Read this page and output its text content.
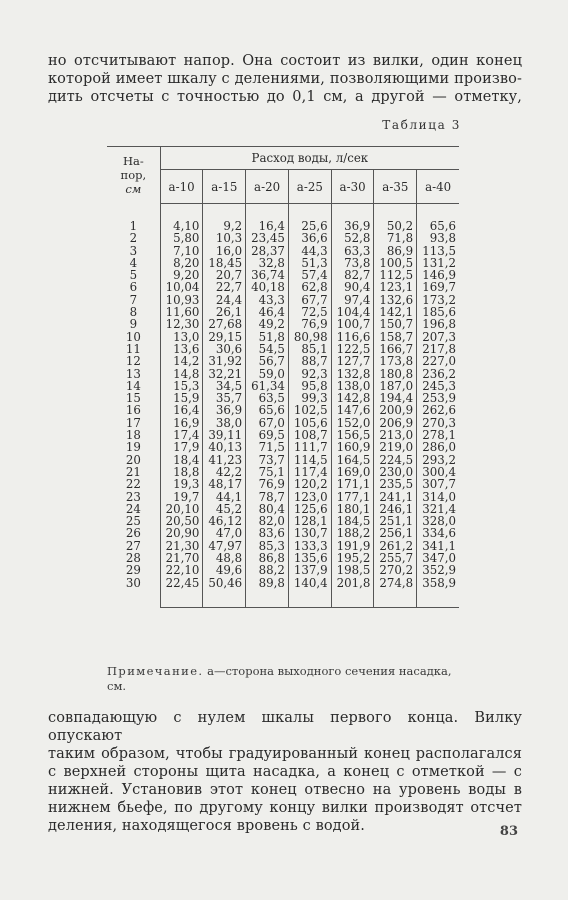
но отсчитывают напор. Она состоит из вилки, один конец
которой имеет шкалу с делениями, позволяющими произво-
дить отсчеты с точностью до 0,1 см, а другой — отметку,

Таблица 3
На-
пор,
см	Расход воды, л/сек						
	а-10	а-15	а-20	а-25	а-30	а-35	а-40
1	4,10	9,2	16,4	25,6	36,9	50,2	65,6
2	5,80	10,3	23,45	36,6	52,8	71,8	93,8
3	7,10	16,0	28,37	44,3	63,3	86,9	113,5
4	8,20	18,45	32,8	51,3	73,8	100,5	131,2
5	9,20	20,7	36,74	57,4	82,7	112,5	146,9
6	10,04	22,7	40,18	62,8	90,4	123,1	169,7
7	10,93	24,4	43,3	67,7	97,4	132,6	173,2
8	11,60	26,1	46,4	72,5	104,4	142,1	185,6
9	12,30	27,68	49,2	76,9	100,7	150,7	196,8
10	13,0	29,15	51,8	80,98	116,6	158,7	207,3
11	13,6	30,6	54,5	85,1	122,5	166,7	217,8
12	14,2	31,92	56,7	88,7	127,7	173,8	227,0
13	14,8	32,21	59,0	92,3	132,8	180,8	236,2
14	15,3	34,5	61,34	95,8	138,0	187,0	245,3
15	15,9	35,7	63,5	99,3	142,8	194,4	253,9
16	16,4	36,9	65,6	102,5	147,6	200,9	262,6
17	16,9	38,0	67,0	105,6	152,0	206,9	270,3
18	17,4	39,11	69,5	108,7	156,5	213,0	278,1
19	17,9	40,13	71,5	111,7	160,9	219,0	286,0
20	18,4	41,23	73,7	114,5	164,5	224,5	293,2
21	18,8	42,2	75,1	117,4	169,0	230,0	300,4
22	19,3	48,17	76,9	120,2	171,1	235,5	307,7
23	19,7	44,1	78,7	123,0	177,1	241,1	314,0
24	20,10	45,2	80,4	125,6	180,1	246,1	321,4
25	20,50	46,12	82,0	128,1	184,5	251,1	328,0
26	20,90	47,0	83,6	130,7	188,2	256,1	334,6
27	21,30	47,97	85,3	133,3	191,9	261,2	341,1
28	21,70	48,8	86,8	135,6	195,2	255,7	347,0
29	22,10	49,6	88,2	137,9	198,5	270,2	352,9
30	22,45	50,46	89,8	140,4	201,8	274,8	358,9
Примечание. а—сторона выходного сечения насадка, см.

совпадающую с нулем шкалы первого конца. Вилку опускают
таким образом, чтобы градуированный конец располагался
с верхней стороны щита насадка, а конец с отметкой — с
нижней. Установив этот конец отвесно на уровень воды в
нижнем бьефе, по другому концу вилки производят отсчет
деления, находящегося вровень с водой.	83
